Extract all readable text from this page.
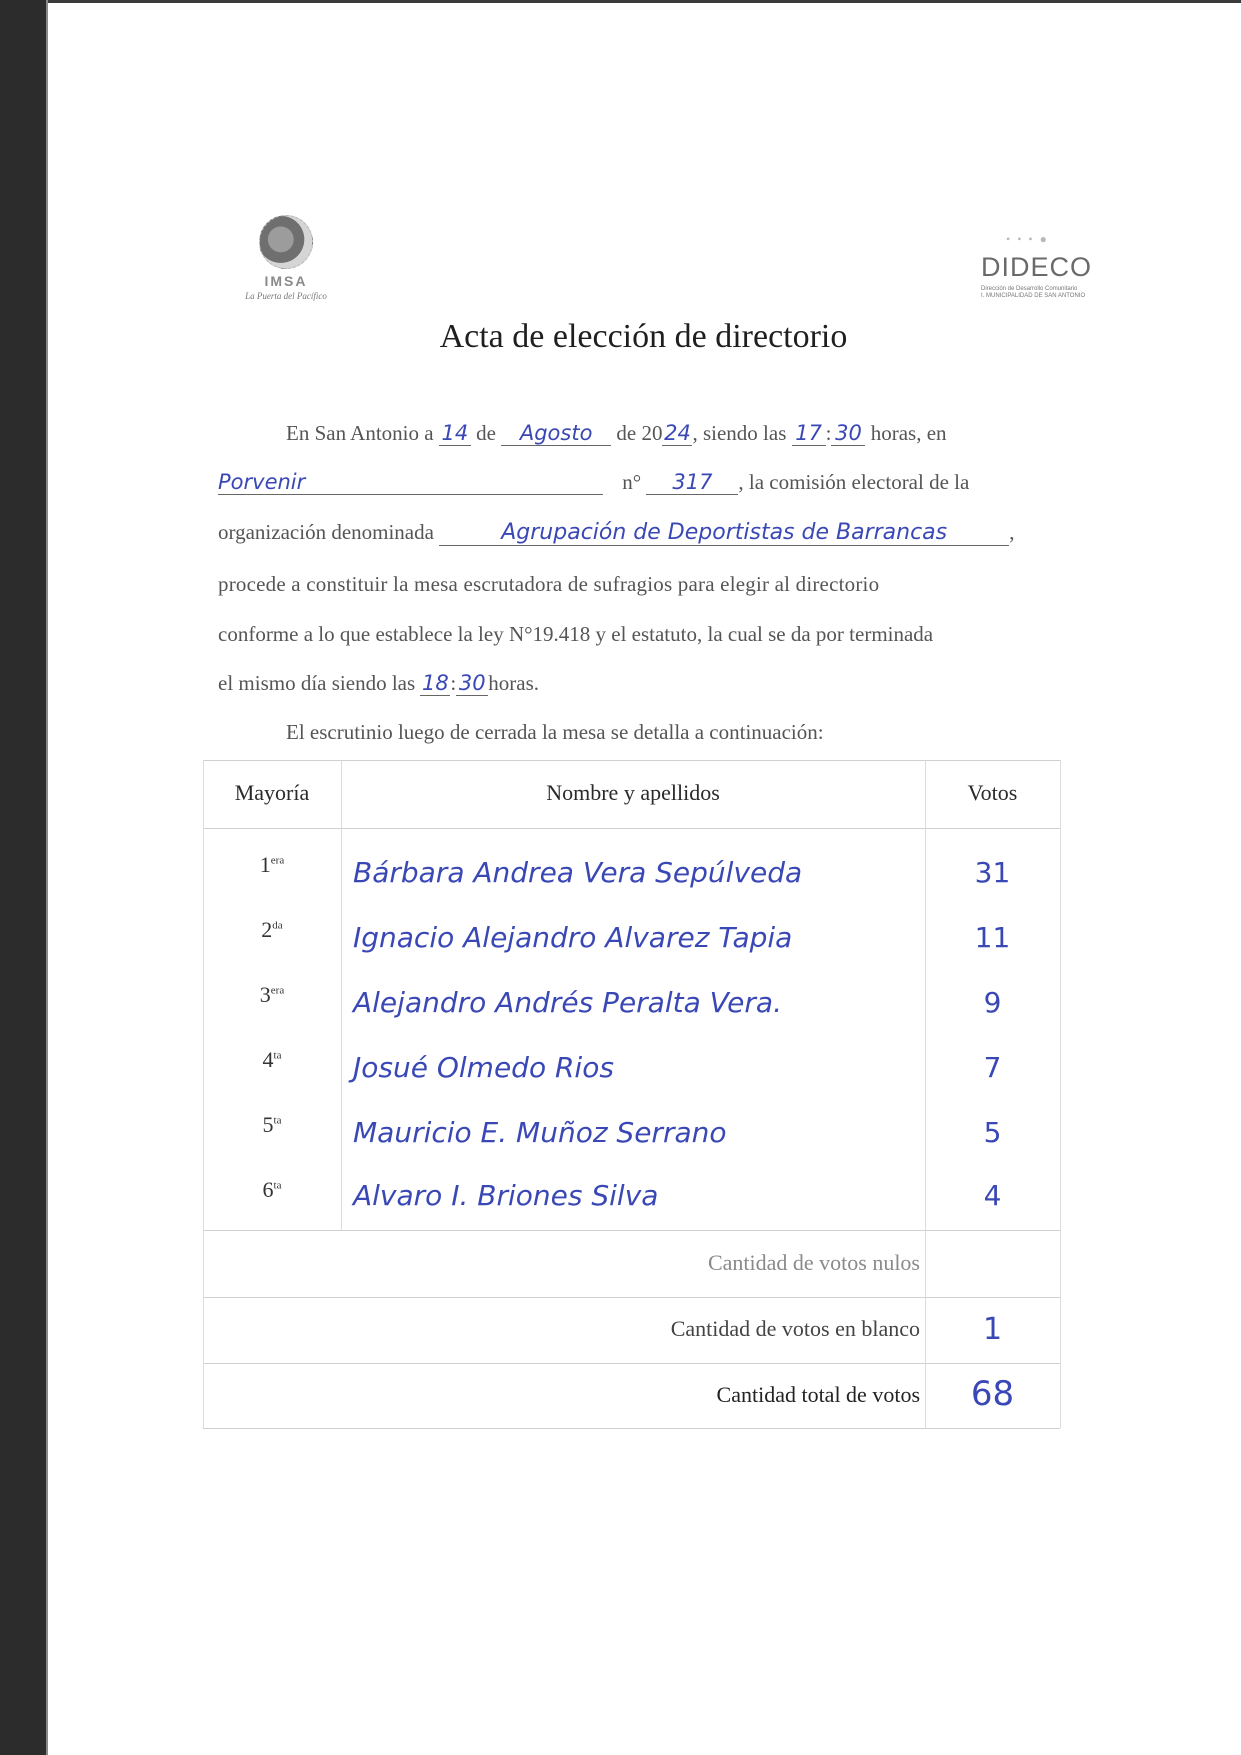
IMSA
La Puerta del Pacífico
• • • ●
DIDECO
Dirección de Desarrollo Comunitario
I. MUNICIPALIDAD DE SAN ANTONIO
Acta de elección de directorio
En San Antonio a 14 de Agosto de 2024, siendo las 17 : 30 horas, en
Porvenir	n° 317 , la comisión electoral de la
organización denominada	Agrupación de Deportistas de Barrancas	,
procede a constituir la mesa escrutadora de sufragios para elegir al directorio
conforme a lo que establece la ley N°19.418 y el estatuto, la cual se da por terminada
el mismo día siendo las 18: 30 horas.
El escrutinio luego de cerrada la mesa se detalla a continuación:
Mayoría	Nombre y apellidos	Votos
$1^{era}$	Bárbara Andrea Vera Sepúlveda	31
$2^{da}$	Ignacio Alejandro Alvarez Tapia	11
$3^{era}$	Alejandro Andrés Peralta Vera.	9
$4^{ta}$	Josué Olmedo Rios	7
$5^{ta}$	Mauricio E. Muñoz Serrano	5
$6^{ta}$	Alvaro I. Briones Silva	4
Cantidad de votos nulos
Cantidad de votos en blanco	1
Cantidad total de votos	68
